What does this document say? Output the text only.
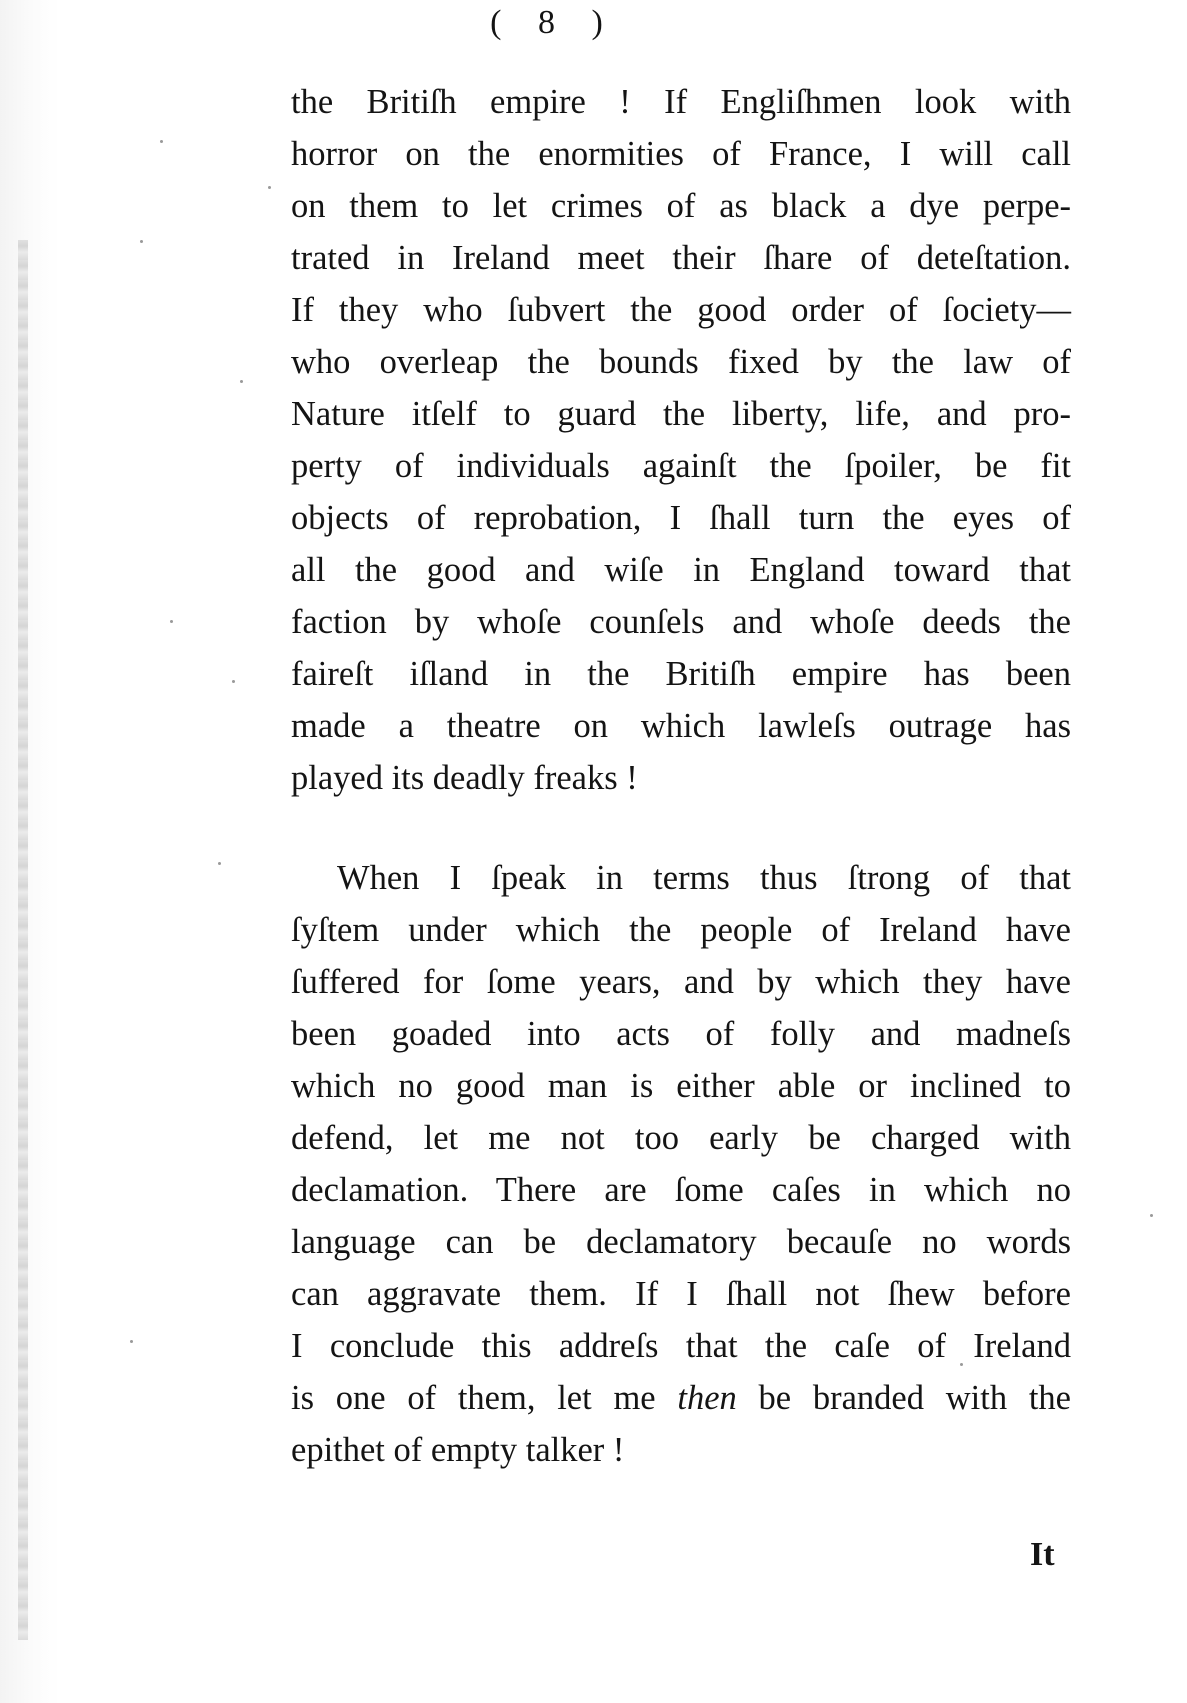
( 8 )
the Britiſh empire ! If Engliſhmen look with
horror on the enormities of France, I will call
on them to let crimes of as black a dye perpe-
trated in Ireland meet their ſhare of deteſtation.
If they who ſubvert the good order of ſociety—
who overleap the bounds fixed by the law of
Nature itſelf to guard the liberty, life, and pro-
perty of individuals againſt the ſpoiler, be fit
objects of reprobation, I ſhall turn the eyes of
all the good and wiſe in England toward that
faction by whoſe counſels and whoſe deeds the
faireſt iſland in the Britiſh empire has been
made a theatre on which lawleſs outrage has
played its deadly freaks !
When I ſpeak in terms thus ſtrong of that
ſyſtem under which the people of Ireland have
ſuffered for ſome years, and by which they have
been goaded into acts of folly and madneſs
which no good man is either able or inclined to
defend, let me not too early be charged with
declamation. There are ſome caſes in which no
language can be declamatory becauſe no words
can aggravate them. If I ſhall not ſhew before
I conclude this addreſs that the caſe of Ireland
is one of them, let me then be branded with the
epithet of empty talker !
It
